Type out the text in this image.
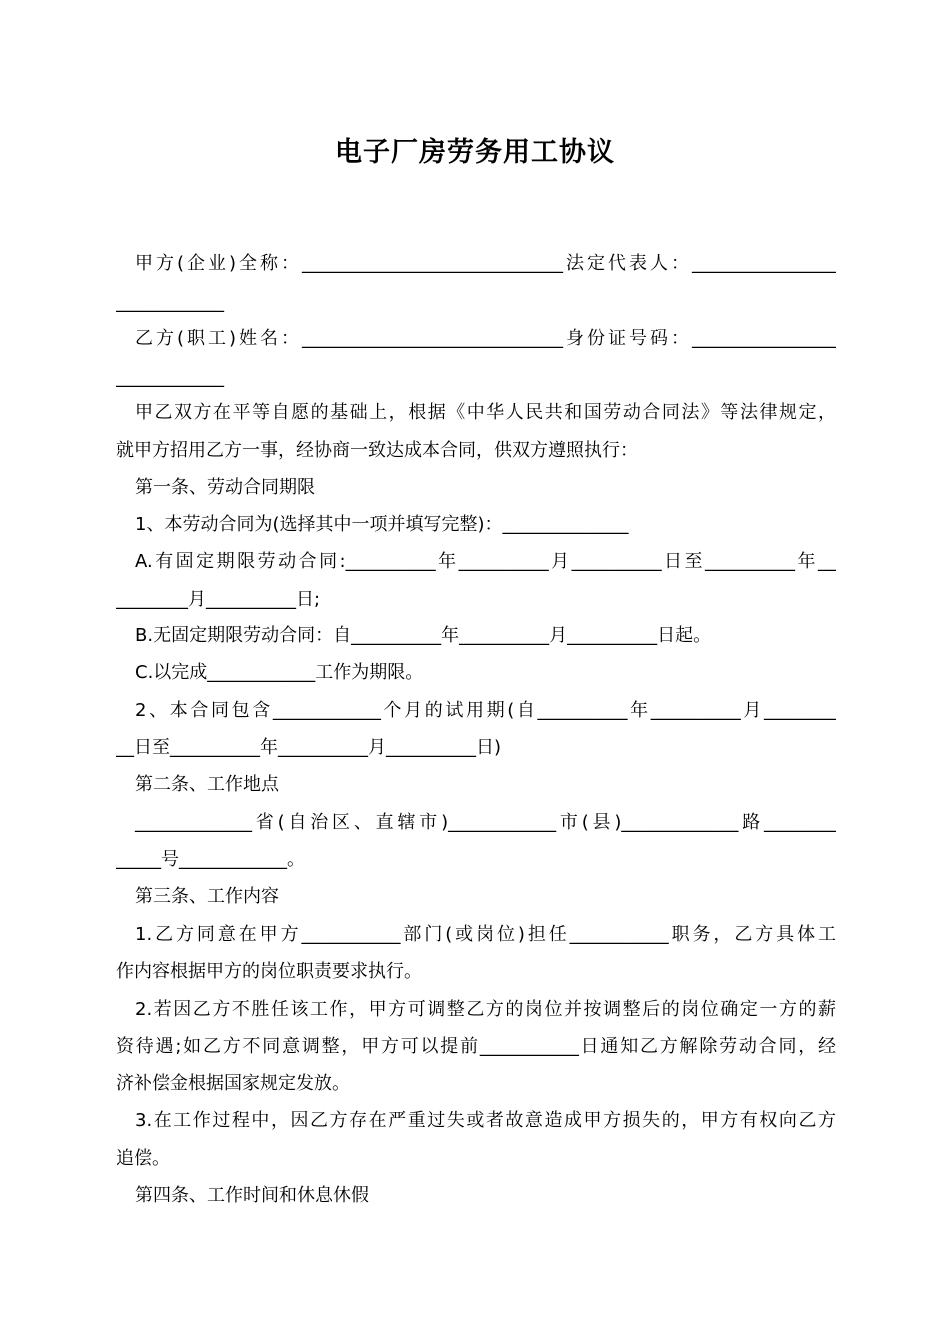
电子厂房劳务用工协议

甲方(企业)全称：_____________________________法定代表人：________________

____________

乙方(职工)姓名：_____________________________身份证号码：________________

____________

甲乙双方在平等自愿的基础上，根据《中华人民共和国劳动合同法》等法律规定，

就甲方招用乙方一事，经协商一致达成本合同，供双方遵照执行：

第一条、劳动合同期限

1、本劳动合同为(选择其中一项并填写完整)：______________

A.有固定期限劳动合同:__________年__________月__________日至__________年__

________月__________日;

B.无固定期限劳动合同：自__________年__________月__________日起。

C.以完成____________工作为期限。

2、本合同包含____________个月的试用期(自__________年__________月________

__日至__________年__________月__________日)

第二条、工作地点

_____________省(自治区、直辖市)____________市(县)_____________路________

_____号____________。

第三条、工作内容

1.乙方同意在甲方___________部门(或岗位)担任___________职务，乙方具体工

作内容根据甲方的岗位职责要求执行。

2.若因乙方不胜任该工作，甲方可调整乙方的岗位并按调整后的岗位确定一方的薪

资待遇;如乙方不同意调整，甲方可以提前___________日通知乙方解除劳动合同，经

济补偿金根据国家规定发放。

3.在工作过程中，因乙方存在严重过失或者故意造成甲方损失的，甲方有权向乙方

追偿。

第四条、工作时间和休息休假
